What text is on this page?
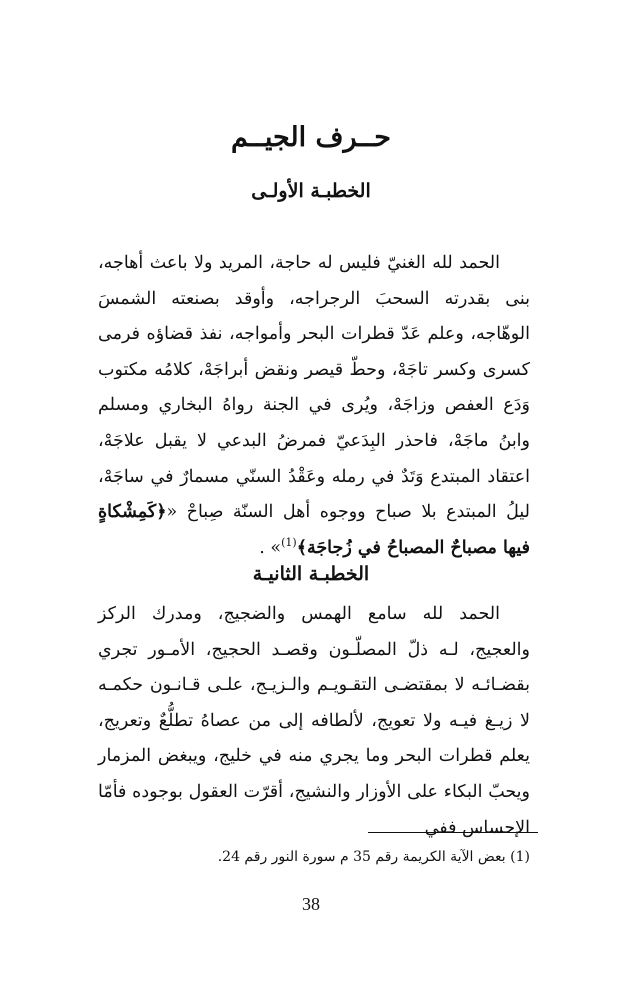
حــرف الجيــم
الخطبـة الأولـى

الحمد لله الغنيّ فليس له حاجة، المريد ولا باعث أهاجه، بنى بقدرته السحبَ الرجراجه، وأوقد بصنعته الشمسَ الوهّاجه، وعلم عَدّ قطرات البحر وأمواجه، نفذ قضاؤه فرمى كسرى وكسر تاجَهْ، وحطّ قيصر ونقض أبراجَهْ، كلامُه مكتوب وَدَع العفص وزاجَهْ، ويُرى في الجنة رواهُ البخاري ومسلم وابنُ ماجَهْ، فاحذر البِدَعيّ فمرضُ البدعي لا يقبل علاجَهْ، اعتقاد المبتدع وَتَدٌ في رمله وعَقْدُ السنّي مسمارٌ في ساجَهْ، ليلُ المبتدع بلا صباح ووجوه أهل السنّة صِباحْ «﴿كَمِشْكاةٍ فيها مصباحٌ المصباحُ في زُجاجَة﴾$^{(1)}$» .

الخطبـة الثانيـة

الحمد لله سامع الهمس والضجيج، ومدرك الركز والعجيج، لـه ذلّ المصلّـون وقصـد الحجيج، الأمـور تجري بقضـائـه لا بمقتضـى التقـويـم والـزيـج، علـى قـانـون حكمـه لا زيـغ فيـه ولا تعويج، لألطافه إلى من عصاهُ تطلُّعٌ وتعريج، يعلم قطرات البحر وما يجري منه في خليج، ويبغض المزمار ويحبّ البكاء على الأوزار والنشيج، أقرّت العقول بوجوده فأمّا الإحساس ففي

(1) بعض الآية الكريمة رقم 35 م سورة النور رقم 24.
38
